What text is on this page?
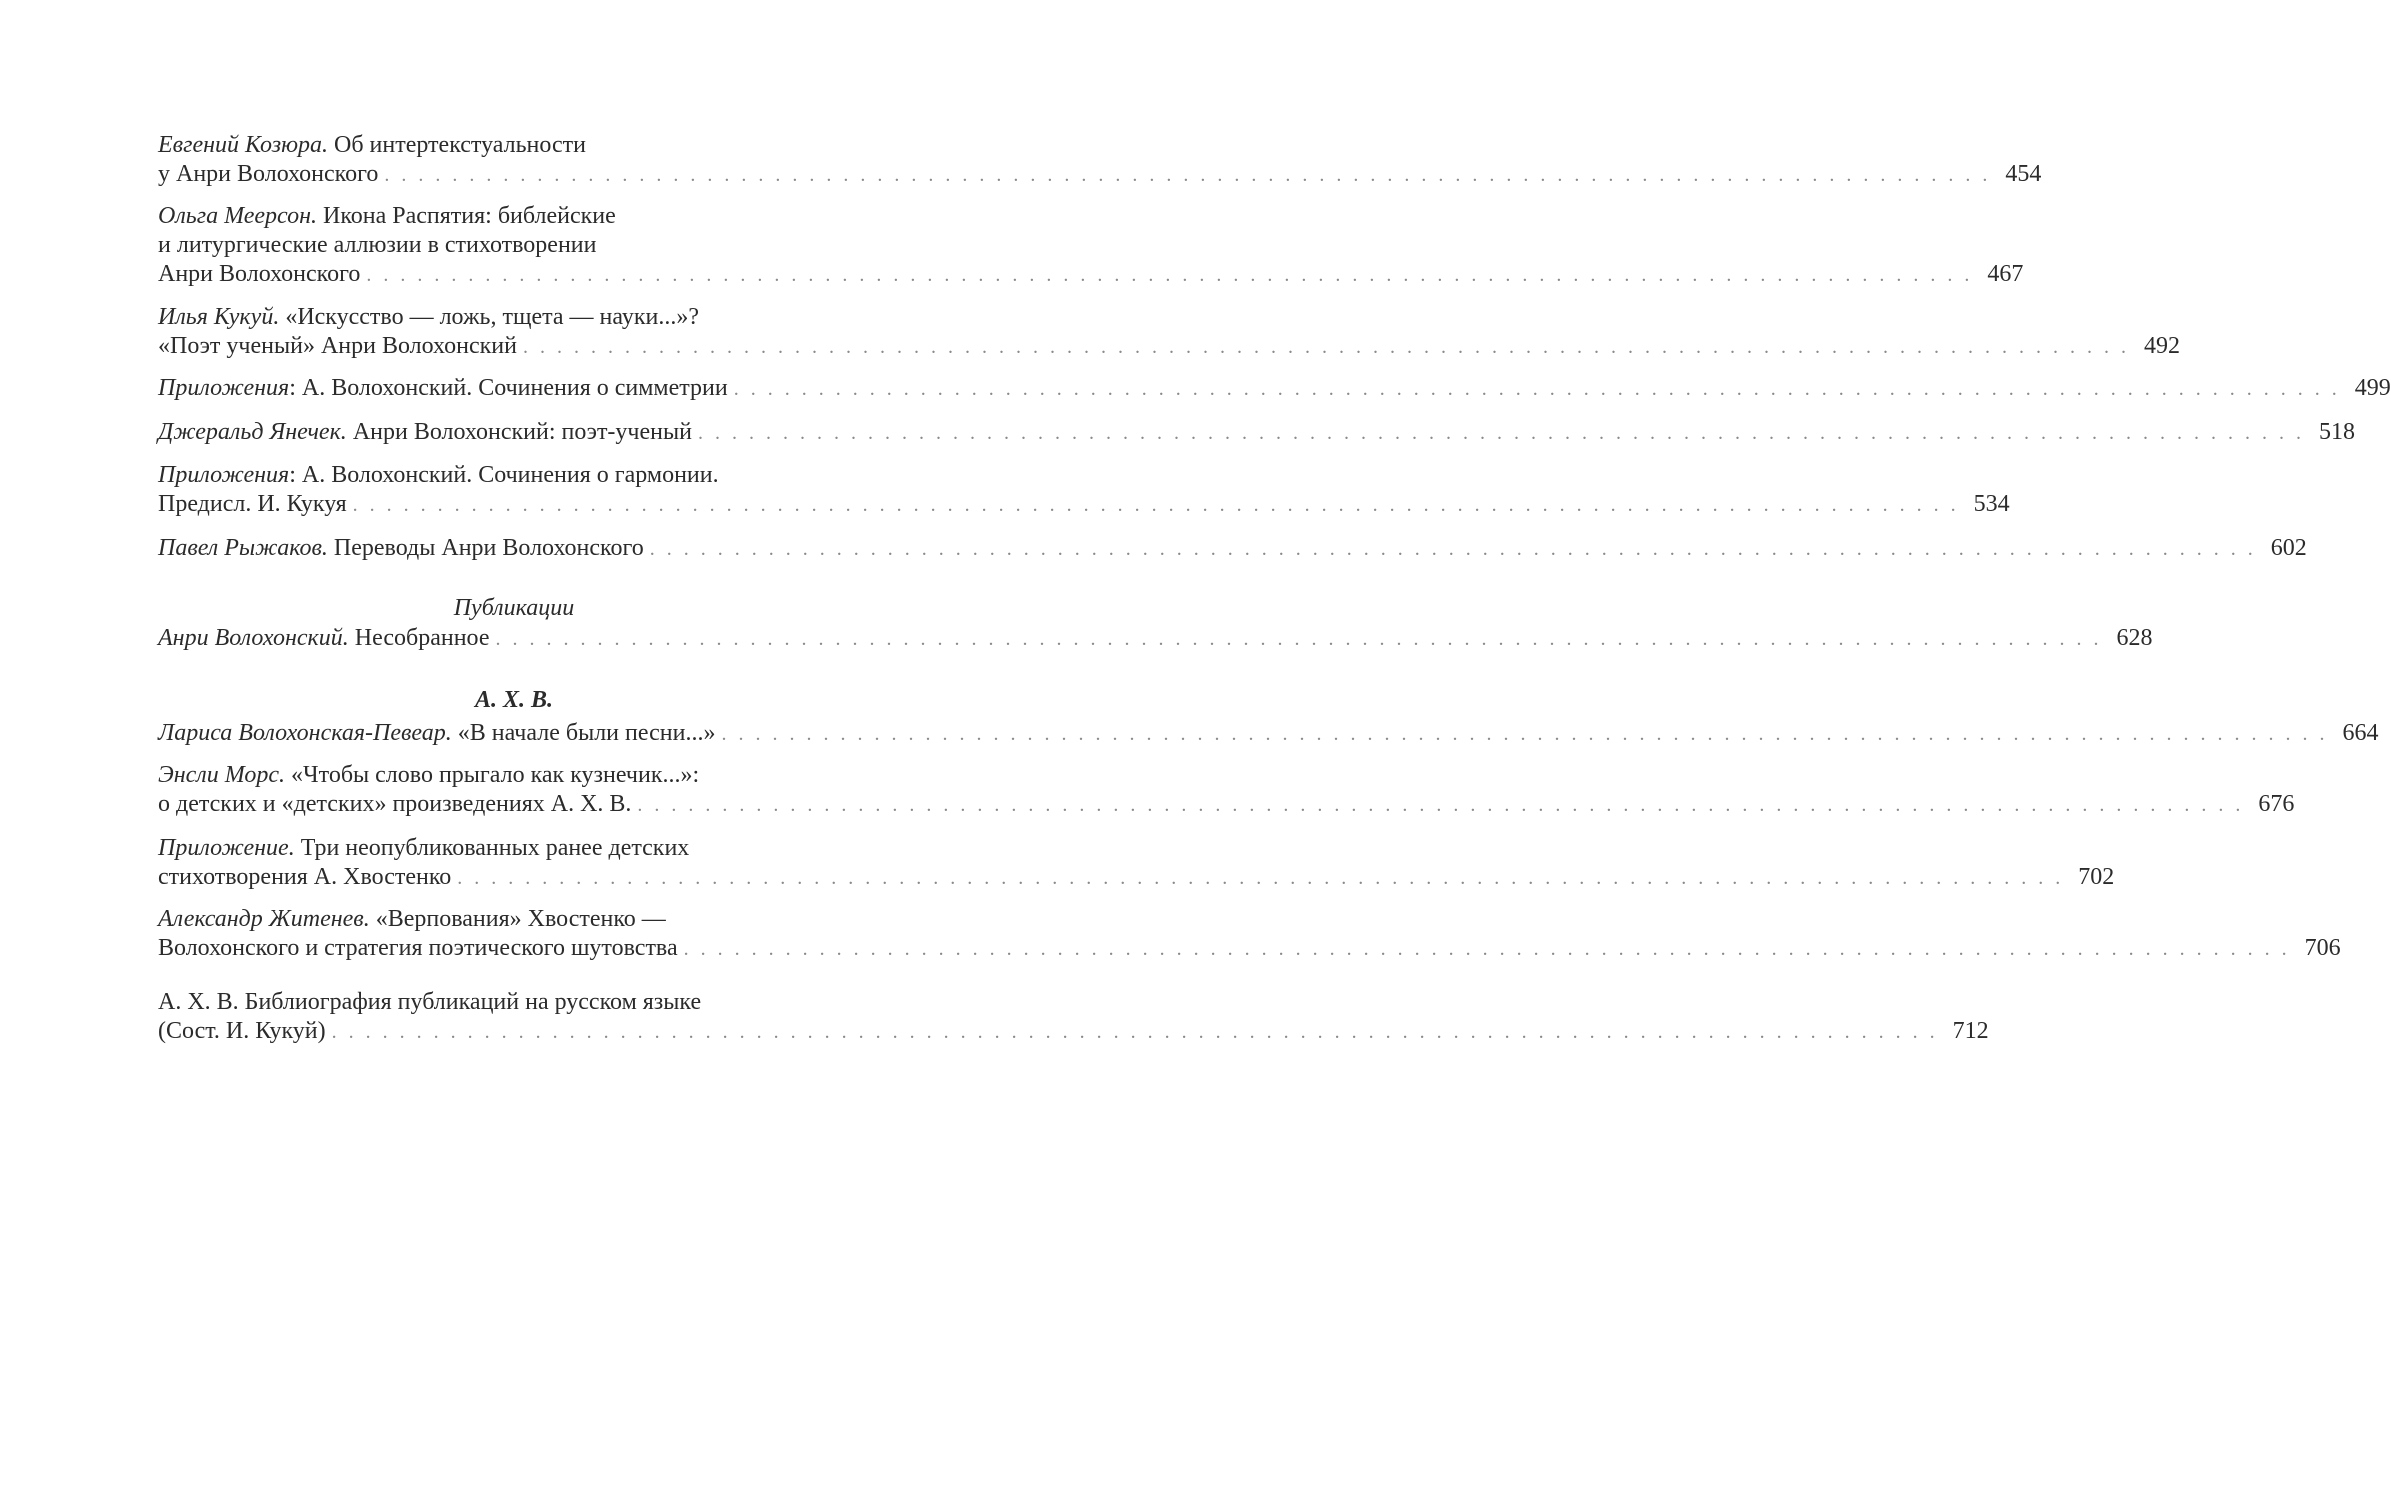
Евгений Козюра. Об интертекстуальности
у Анри Волохонского ............................................................................................... 454
Ольга Меерсон. Икона Распятия: библейские
и литургические аллюзии в стихотворении
Анри Волохонского ............................................................................................... 467
Илья Кукуй. «Искусство — ложь, тщета — науки...»?
«Поэт ученый» Анри Волохонский ............................................................................................... 492
Приложения: А. Волохонский. Сочинения о симметрии ............................................................................................... 499
Джеральд Янечек. Анри Волохонский: поэт-ученый ............................................................................................... 518
Приложения: А. Волохонский. Сочинения о гармонии.
Предисл. И. Кукуя ............................................................................................... 534
Павел Рыжаков. Переводы Анри Волохонского ............................................................................................... 602
Публикации
Анри Волохонский. Несобранное ............................................................................................... 628
А. Х. В.
Лариса Волохонская-Певеар. «В начале были песни...» ............................................................................................... 664
Энсли Морс. «Чтобы слово прыгало как кузнечик...»:
о детских и «детских» произведениях А. Х. В. ............................................................................................... 676
Приложение. Три неопубликованных ранее детских
стихотворения А. Хвостенко ............................................................................................... 702
Александр Житенев. «Верпования» Хвостенко —
Волохонского и стратегия поэтического шутовства ............................................................................................... 706
А. Х. В. Библиография публикаций на русском языке
(Сост. И. Кукуй) ............................................................................................... 712
